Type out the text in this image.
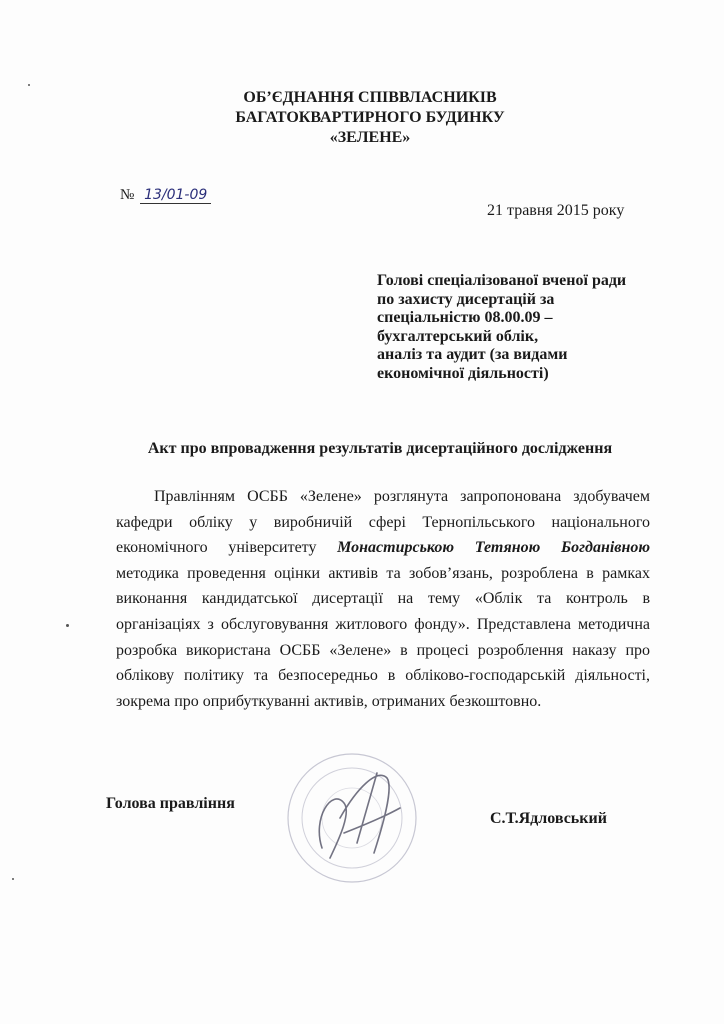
ОБ’ЄДНАННЯ СПІВВЛАСНИКІВ
БАГАТОКВАРТИРНОГО БУДИНКУ
«ЗЕЛЕНЕ»
№ 13/01-09
21 травня 2015 року
Голові спеціалізованої вченої ради
по захисту дисертацій за
спеціальністю 08.00.09 –
бухгалтерський облік,
аналіз та аудит (за видами
економічної діяльності)
Акт про впровадження результатів дисертаційного дослідження

Правлінням ОСББ «Зелене» розглянута запропонована здобувачем кафедри обліку у виробничій сфері Тернопільського національного економічного університету Монастирською Тетяною Богданівною методика проведення оцінки активів та зобов’язань, розроблена в рамках виконання кандидатської дисертації на тему «Облік та контроль в організаціях з обслуговування житлового фонду». Представлена методична розробка використана ОСББ «Зелене» в процесі розроблення наказу про облікову політику та безпосередньо в обліково-господарській діяльності, зокрема про оприбуткуванні активів, отриманих безкоштовно.

Голова правління
С.Т.Ядловський
